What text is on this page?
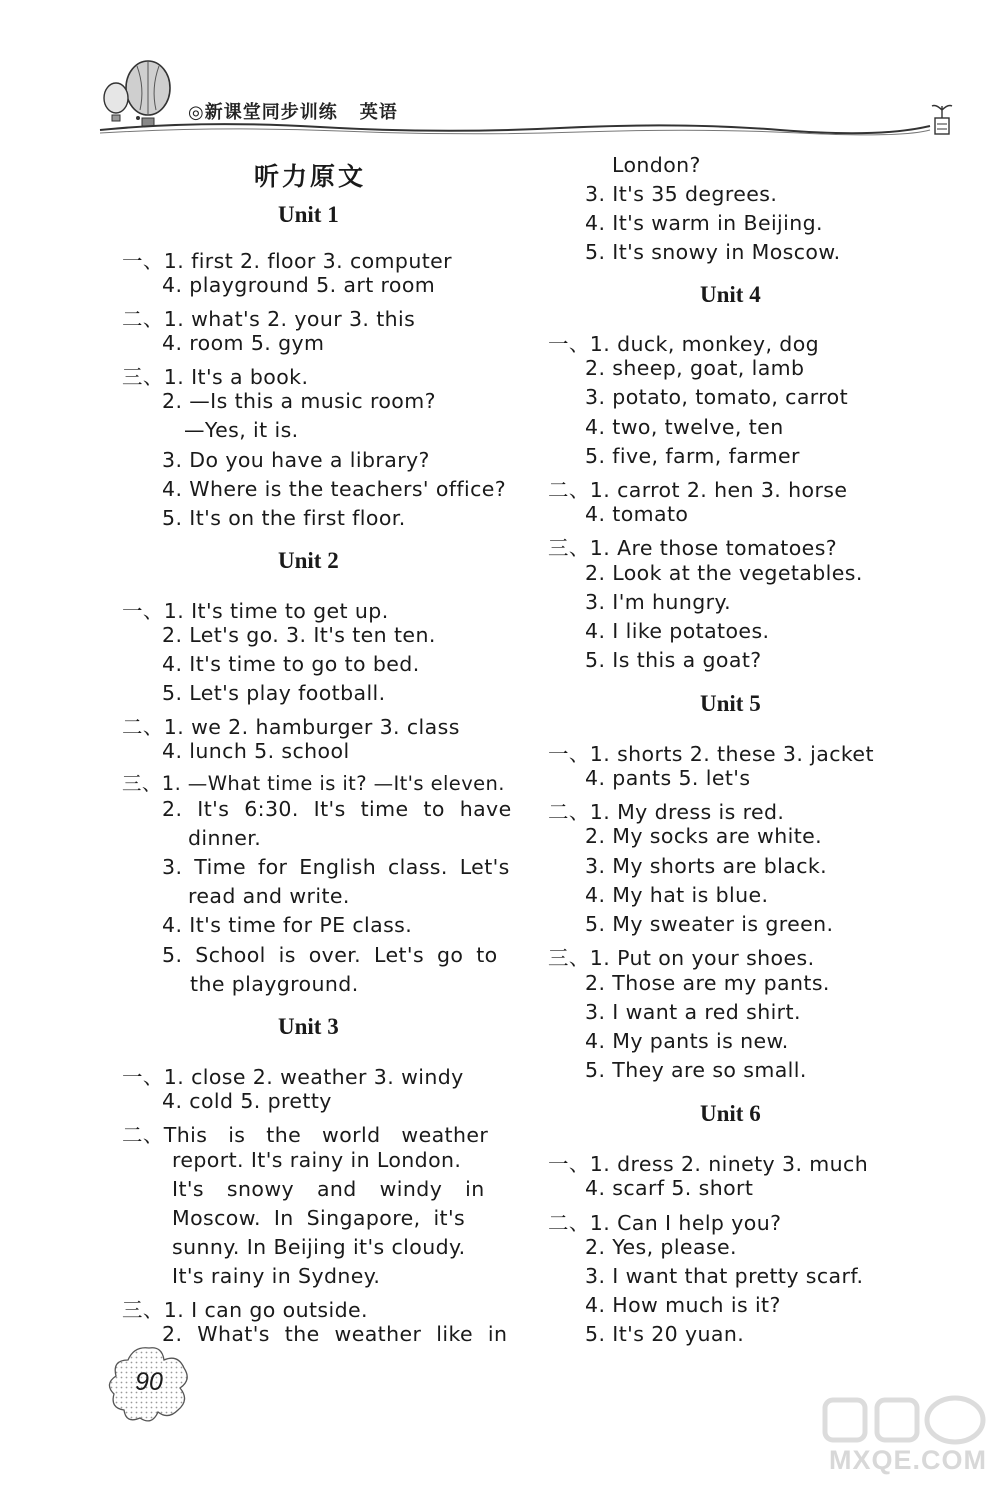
◎新课堂同步训练 英语
听力原文
Unit 1
一、1. first 2. floor 3. computer
4. playground 5. art room
二、1. what's 2. your 3. this
4. room 5. gym
三、1. It's a book.
2. —Is this a music room?
—Yes, it is.
3. Do you have a library?
4. Where is the teachers' office?
5. It's on the first floor.
Unit 2
一、1. It's time to get up.
2. Let's go. 3. It's ten ten.
4. It's time to go to bed.
5. Let's play football.
二、1. we 2. hamburger 3. class
4. lunch 5. school
三、1. —What time is it? —It's eleven.
2. It's 6:30. It's time to have
dinner.
3. Time for English class. Let's
read and write.
4. It's time for PE class.
5. School is over. Let's go to
the playground.
Unit 3
一、1. close 2. weather 3. windy
4. cold 5. pretty
二、This is the world weather
report. It's rainy in London.
It's snowy and windy in
Moscow. In Singapore, it's
sunny. In Beijing it's cloudy.
It's rainy in Sydney.
三、1. I can go outside.
2. What's the weather like in
London?
3. It's 35 degrees.
4. It's warm in Beijing.
5. It's snowy in Moscow.
Unit 4
一、1. duck, monkey, dog
2. sheep, goat, lamb
3. potato, tomato, carrot
4. two, twelve, ten
5. five, farm, farmer
二、1. carrot 2. hen 3. horse
4. tomato
三、1. Are those tomatoes?
2. Look at the vegetables.
3. I'm hungry.
4. I like potatoes.
5. Is this a goat?
Unit 5
一、1. shorts 2. these 3. jacket
4. pants 5. let's
二、1. My dress is red.
2. My socks are white.
3. My shorts are black.
4. My hat is blue.
5. My sweater is green.
三、1. Put on your shoes.
2. Those are my pants.
3. I want a red shirt.
4. My pants is new.
5. They are so small.
Unit 6
一、1. dress 2. ninety 3. much
4. scarf 5. short
二、1. Can I help you?
2. Yes, please.
3. I want that pretty scarf.
4. How much is it?
5. It's 20 yuan.
90
MXQE.COM
